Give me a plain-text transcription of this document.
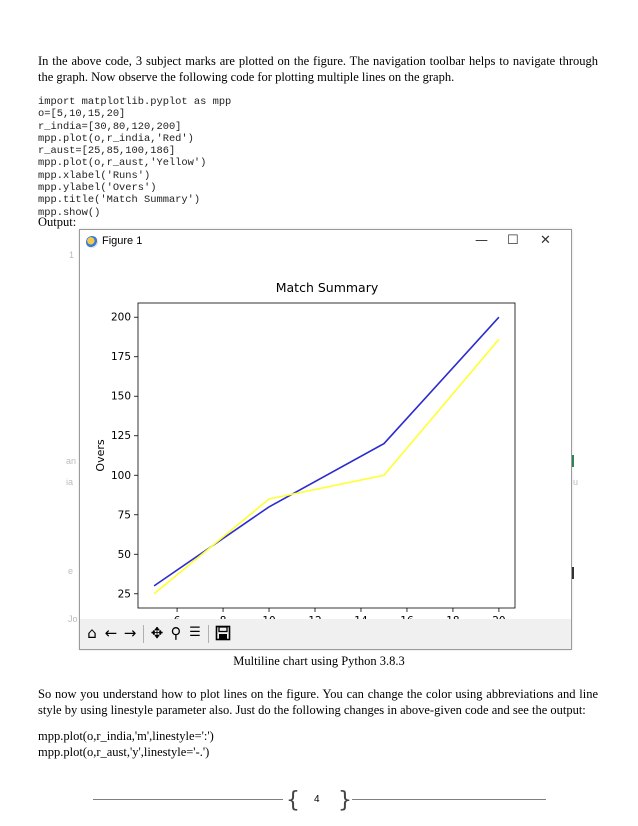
In the above code, 3 subject marks are plotted on the figure. The navigation toolbar helps to navigate through the graph. Now observe the following code for plotting multiple lines on the graph.

import matplotlib.pyplot as mpp
o=[5,10,15,20]
r_india=[30,80,120,200]
mpp.plot(o,r_india,'Red')
r_aust=[25,85,100,186]
mpp.plot(o,r_aust,'Yellow')
mpp.xlabel('Runs')
mpp.ylabel('Overs')
mpp.title('Match Summary')
mpp.show()
Output:
1
an
ia
e
Jo
u
Figure 1	— ☐ ✕
Match Summary
25
50
75
100
125
150
175
200
Overs
⌂ ← → ✥ ⚲ ☰
Multiline chart using Python 3.8.3

So now you understand how to plot lines on the figure. You can change the color using abbreviations and line style by using linestyle parameter also. Just do the following changes in above-given code and see the output:

mpp.plot(o,r_india,'m',linestyle=':')
mpp.plot(o,r_aust,'y',linestyle='-.')
{ 4 }
